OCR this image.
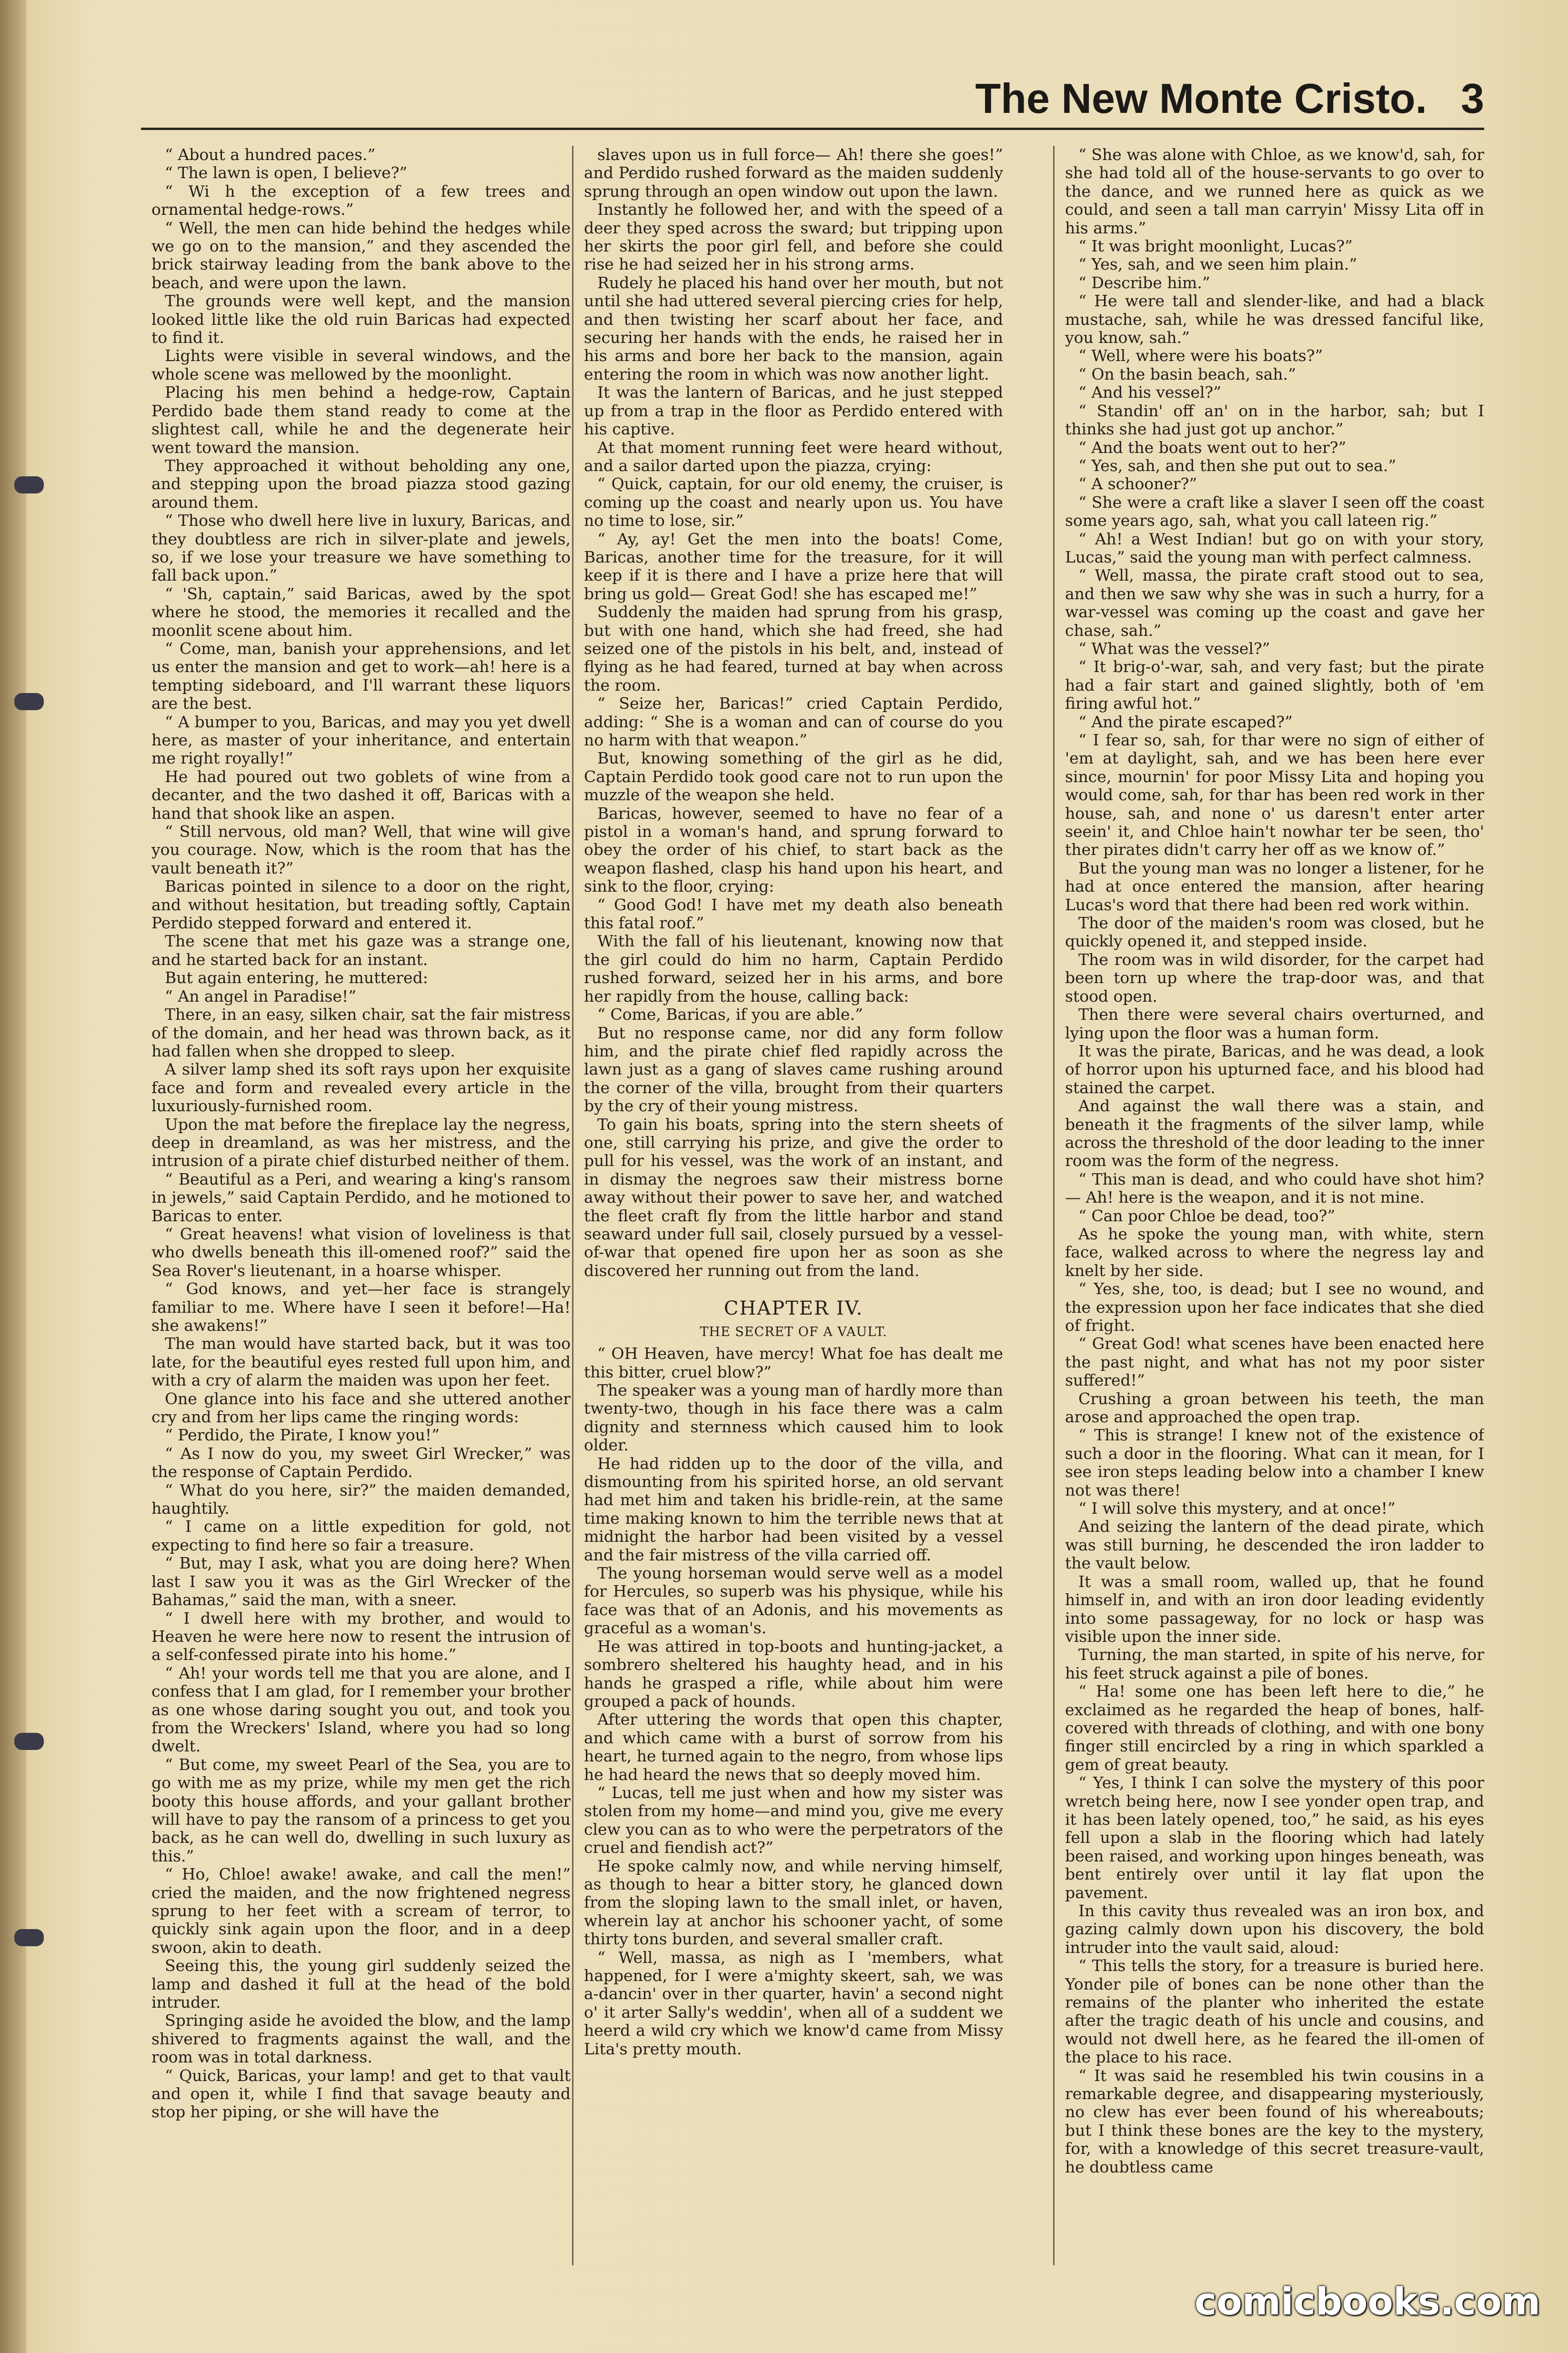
The New Monte Cristo. 3

“ About a hundred paces.”

“ The lawn is open, I believe?”

“ Wi h the exception of a few trees and ornamental hedge-rows.”

“ Well, the men can hide behind the hedges while we go on to the mansion,” and they ascended the brick stairway leading from the bank above to the beach, and were upon the lawn.

The grounds were well kept, and the mansion looked little like the old ruin Baricas had expected to find it.

Lights were visible in several windows, and the whole scene was mellowed by the moonlight.

Placing his men behind a hedge-row, Captain Perdido bade them stand ready to come at the slightest call, while he and the degenerate heir went toward the mansion.

They approached it without beholding any one, and stepping upon the broad piazza stood gazing around them.

“ Those who dwell here live in luxury, Baricas, and they doubtless are rich in silver-plate and jewels, so, if we lose your treasure we have something to fall back upon.”

“ 'Sh, captain,” said Baricas, awed by the spot where he stood, the memories it recalled and the moonlit scene about him.

“ Come, man, banish your apprehensions, and let us enter the mansion and get to work—ah! here is a tempting sideboard, and I'll warrant these liquors are the best.

“ A bumper to you, Baricas, and may you yet dwell here, as master of your inheritance, and entertain me right royally!”

He had poured out two goblets of wine from a decanter, and the two dashed it off, Baricas with a hand that shook like an aspen.

“ Still nervous, old man? Well, that wine will give you courage. Now, which is the room that has the vault beneath it?”

Baricas pointed in silence to a door on the right, and without hesitation, but treading softly, Captain Perdido stepped forward and entered it.

The scene that met his gaze was a strange one, and he started back for an instant.

But again entering, he muttered:

“ An angel in Paradise!”

There, in an easy, silken chair, sat the fair mistress of the domain, and her head was thrown back, as it had fallen when she dropped to sleep.

A silver lamp shed its soft rays upon her exquisite face and form and revealed every article in the luxuriously-furnished room.

Upon the mat before the fireplace lay the negress, deep in dreamland, as was her mistress, and the intrusion of a pirate chief disturbed neither of them.

“ Beautiful as a Peri, and wearing a king's ransom in jewels,” said Captain Perdido, and he motioned to Baricas to enter.

“ Great heavens! what vision of loveliness is that who dwells beneath this ill-omened roof?” said the Sea Rover's lieutenant, in a hoarse whisper.

“ God knows, and yet—her face is strangely familiar to me. Where have I seen it before!—Ha! she awakens!”

The man would have started back, but it was too late, for the beautiful eyes rested full upon him, and with a cry of alarm the maiden was upon her feet.

One glance into his face and she uttered another cry and from her lips came the ringing words:

“ Perdido, the Pirate, I know you!”

“ As I now do you, my sweet Girl Wrecker,” was the response of Captain Perdido.

“ What do you here, sir?” the maiden demanded, haughtily.

“ I came on a little expedition for gold, not expecting to find here so fair a treasure.

“ But, may I ask, what you are doing here? When last I saw you it was as the Girl Wrecker of the Bahamas,” said the man, with a sneer.

“ I dwell here with my brother, and would to Heaven he were here now to resent the intrusion of a self-confessed pirate into his home.”

“ Ah! your words tell me that you are alone, and I confess that I am glad, for I remember your brother as one whose daring sought you out, and took you from the Wreckers' Island, where you had so long dwelt.

“ But come, my sweet Pearl of the Sea, you are to go with me as my prize, while my men get the rich booty this house affords, and your gallant brother will have to pay the ransom of a princess to get you back, as he can well do, dwelling in such luxury as this.”

“ Ho, Chloe! awake! awake, and call the men!” cried the maiden, and the now frightened negress sprung to her feet with a scream of terror, to quickly sink again upon the floor, and in a deep swoon, akin to death.

Seeing this, the young girl suddenly seized the lamp and dashed it full at the head of the bold intruder.

Springing aside he avoided the blow, and the lamp shivered to fragments against the wall, and the room was in total darkness.

“ Quick, Baricas, your lamp! and get to that vault and open it, while I find that savage beauty and stop her piping, or she will have the

slaves upon us in full force— Ah! there she goes!” and Perdido rushed forward as the maiden suddenly sprung through an open window out upon the lawn.

Instantly he followed her, and with the speed of a deer they sped across the sward; but tripping upon her skirts the poor girl fell, and before she could rise he had seized her in his strong arms.

Rudely he placed his hand over her mouth, but not until she had uttered several piercing cries for help, and then twisting her scarf about her face, and securing her hands with the ends, he raised her in his arms and bore her back to the mansion, again entering the room in which was now another light.

It was the lantern of Baricas, and he just stepped up from a trap in the floor as Perdido entered with his captive.

At that moment running feet were heard without, and a sailor darted upon the piazza, crying:

“ Quick, captain, for our old enemy, the cruiser, is coming up the coast and nearly upon us. You have no time to lose, sir.”

“ Ay, ay! Get the men into the boats! Come, Baricas, another time for the treasure, for it will keep if it is there and I have a prize here that will bring us gold— Great God! she has escaped me!”

Suddenly the maiden had sprung from his grasp, but with one hand, which she had freed, she had seized one of the pistols in his belt, and, instead of flying as he had feared, turned at bay when across the room.

“ Seize her, Baricas!” cried Captain Perdido, adding: “ She is a woman and can of course do you no harm with that weapon.”

But, knowing something of the girl as he did, Captain Perdido took good care not to run upon the muzzle of the weapon she held.

Baricas, however, seemed to have no fear of a pistol in a woman's hand, and sprung forward to obey the order of his chief, to start back as the weapon flashed, clasp his hand upon his heart, and sink to the floor, crying:

“ Good God! I have met my death also beneath this fatal roof.”

With the fall of his lieutenant, knowing now that the girl could do him no harm, Captain Perdido rushed forward, seized her in his arms, and bore her rapidly from the house, calling back:

“ Come, Baricas, if you are able.”

But no response came, nor did any form follow him, and the pirate chief fled rapidly across the lawn just as a gang of slaves came rushing around the corner of the villa, brought from their quarters by the cry of their young mistress.

To gain his boats, spring into the stern sheets of one, still carrying his prize, and give the order to pull for his vessel, was the work of an instant, and in dismay the negroes saw their mistress borne away without their power to save her, and watched the fleet craft fly from the little harbor and stand seaward under full sail, closely pursued by a vessel-of-war that opened fire upon her as soon as she discovered her running out from the land.

CHAPTER IV.
THE SECRET OF A VAULT.

“ OH Heaven, have mercy! What foe has dealt me this bitter, cruel blow?”

The speaker was a young man of hardly more than twenty-two, though in his face there was a calm dignity and sternness which caused him to look older.

He had ridden up to the door of the villa, and dismounting from his spirited horse, an old servant had met him and taken his bridle-rein, at the same time making known to him the terrible news that at midnight the harbor had been visited by a vessel and the fair mistress of the villa carried off.

The young horseman would serve well as a model for Hercules, so superb was his physique, while his face was that of an Adonis, and his movements as graceful as a woman's.

He was attired in top-boots and hunting-jacket, a sombrero sheltered his haughty head, and in his hands he grasped a rifle, while about him were grouped a pack of hounds.

After uttering the words that open this chapter, and which came with a burst of sorrow from his heart, he turned again to the negro, from whose lips he had heard the news that so deeply moved him.

“ Lucas, tell me just when and how my sister was stolen from my home—and mind you, give me every clew you can as to who were the perpetrators of the cruel and fiendish act?”

He spoke calmly now, and while nerving himself, as though to hear a bitter story, he glanced down from the sloping lawn to the small inlet, or haven, wherein lay at anchor his schooner yacht, of some thirty tons burden, and several smaller craft.

“ Well, massa, as nigh as I 'members, what happened, for I were a'mighty skeert, sah, we was a-dancin' over in ther quarter, havin' a second night o' it arter Sally's weddin', when all of a suddent we heerd a wild cry which we know'd came from Missy Lita's pretty mouth.

“ She was alone with Chloe, as we know'd, sah, for she had told all of the house-servants to go over to the dance, and we runned here as quick as we could, and seen a tall man carryin' Missy Lita off in his arms.”

“ It was bright moonlight, Lucas?”

“ Yes, sah, and we seen him plain.”

“ Describe him.”

“ He were tall and slender-like, and had a black mustache, sah, while he was dressed fanciful like, you know, sah.”

“ Well, where were his boats?”

“ On the basin beach, sah.”

“ And his vessel?”

“ Standin' off an' on in the harbor, sah; but I thinks she had just got up anchor.”

“ And the boats went out to her?”

“ Yes, sah, and then she put out to sea.”

“ A schooner?”

“ She were a craft like a slaver I seen off the coast some years ago, sah, what you call lateen rig.”

“ Ah! a West Indian! but go on with your story, Lucas,” said the young man with perfect calmness.

“ Well, massa, the pirate craft stood out to sea, and then we saw why she was in such a hurry, for a war-vessel was coming up the coast and gave her chase, sah.”

“ What was the vessel?”

“ It brig-o'-war, sah, and very fast; but the pirate had a fair start and gained slightly, both of 'em firing awful hot.”

“ And the pirate escaped?”

“ I fear so, sah, for thar were no sign of either of 'em at daylight, sah, and we has been here ever since, mournin' for poor Missy Lita and hoping you would come, sah, for thar has been red work in ther house, sah, and none o' us daresn't enter arter seein' it, and Chloe hain't nowhar ter be seen, tho' ther pirates didn't carry her off as we know of.”

But the young man was no longer a listener, for he had at once entered the mansion, after hearing Lucas's word that there had been red work within.

The door of the maiden's room was closed, but he quickly opened it, and stepped inside.

The room was in wild disorder, for the carpet had been torn up where the trap-door was, and that stood open.

Then there were several chairs overturned, and lying upon the floor was a human form.

It was the pirate, Baricas, and he was dead, a look of horror upon his upturned face, and his blood had stained the carpet.

And against the wall there was a stain, and beneath it the fragments of the silver lamp, while across the threshold of the door leading to the inner room was the form of the negress.

“ This man is dead, and who could have shot him?— Ah! here is the weapon, and it is not mine.

“ Can poor Chloe be dead, too?”

As he spoke the young man, with white, stern face, walked across to where the negress lay and knelt by her side.

“ Yes, she, too, is dead; but I see no wound, and the expression upon her face indicates that she died of fright.

“ Great God! what scenes have been enacted here the past night, and what has not my poor sister suffered!”

Crushing a groan between his teeth, the man arose and approached the open trap.

“ This is strange! I knew not of the existence of such a door in the flooring. What can it mean, for I see iron steps leading below into a chamber I knew not was there!

“ I will solve this mystery, and at once!”

And seizing the lantern of the dead pirate, which was still burning, he descended the iron ladder to the vault below.

It was a small room, walled up, that he found himself in, and with an iron door leading evidently into some passageway, for no lock or hasp was visible upon the inner side.

Turning, the man started, in spite of his nerve, for his feet struck against a pile of bones.

“ Ha! some one has been left here to die,” he exclaimed as he regarded the heap of bones, half-covered with threads of clothing, and with one bony finger still encircled by a ring in which sparkled a gem of great beauty.

“ Yes, I think I can solve the mystery of this poor wretch being here, now I see yonder open trap, and it has been lately opened, too,” he said, as his eyes fell upon a slab in the flooring which had lately been raised, and working upon hinges beneath, was bent entirely over until it lay flat upon the pavement.

In this cavity thus revealed was an iron box, and gazing calmly down upon his discovery, the bold intruder into the vault said, aloud:

“ This tells the story, for a treasure is buried here. Yonder pile of bones can be none other than the remains of the planter who inherited the estate after the tragic death of his uncle and cousins, and would not dwell here, as he feared the ill-omen of the place to his race.

“ It was said he resembled his twin cousins in a remarkable degree, and disappearing mysteriously, no clew has ever been found of his whereabouts; but I think these bones are the key to the mystery, for, with a knowledge of this secret treasure-vault, he doubtless came

comicbooks.com
